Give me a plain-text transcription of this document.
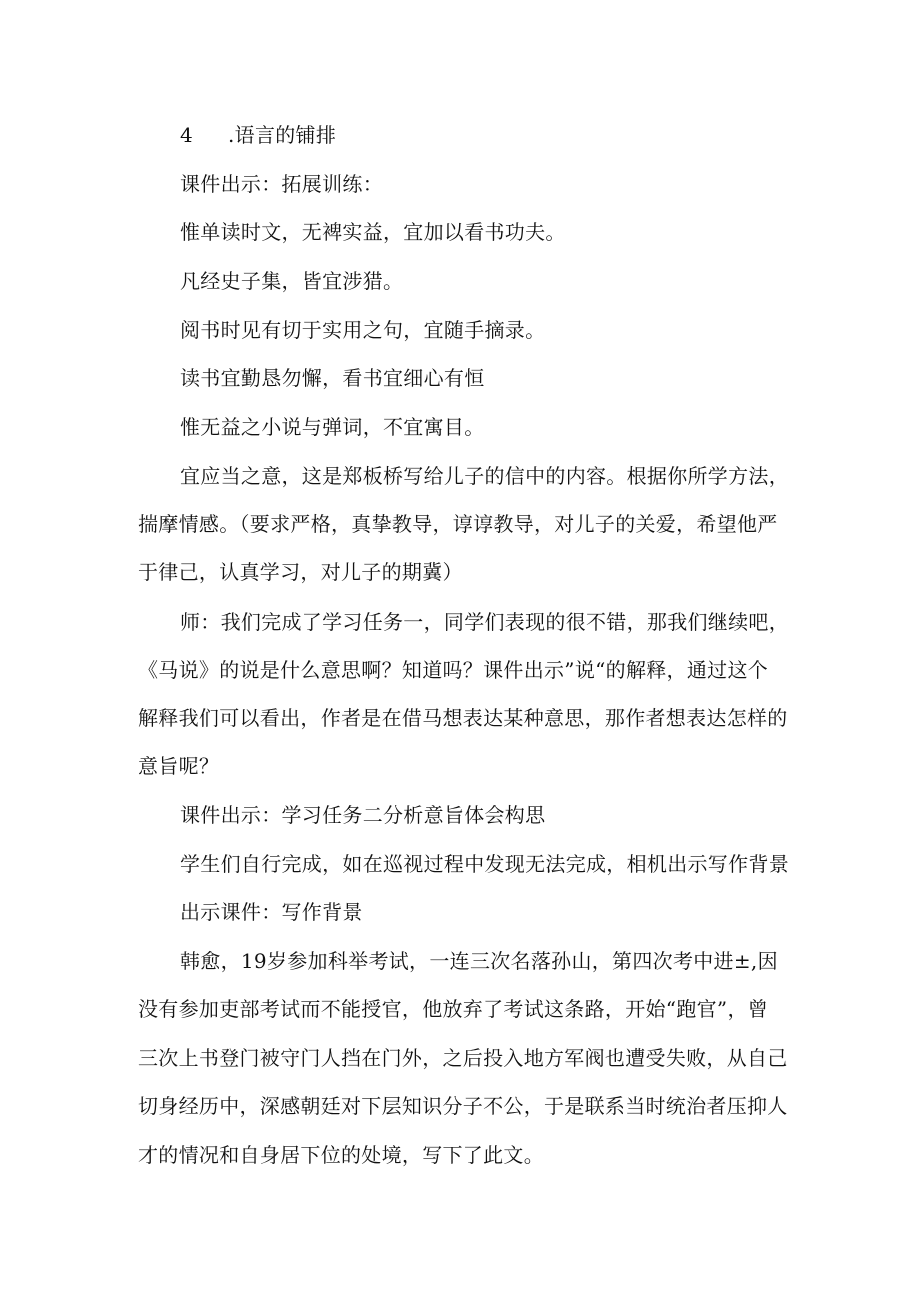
4 .语言的铺排

课件出示：拓展训练：

惟单读时文，无裨实益，宜加以看书功夫。

凡经史子集，皆宜涉猎。

阅书时见有切于实用之句，宜随手摘录。

读书宜勤恳勿懈，看书宜细心有恒

惟无益之小说与弹词，不宜寓目。

宜应当之意，这是郑板桥写给儿子的信中的内容。根据你所学方法，

揣摩情感。（要求严格，真挚教导，谆谆教导，对儿子的关爱，希望他严

于律己，认真学习，对儿子的期冀）

师：我们完成了学习任务一，同学们表现的很不错，那我们继续吧，

《马说》的说是什么意思啊？知道吗？课件出示”说“的解释，通过这个

解释我们可以看出，作者是在借马想表达某种意思，那作者想表达怎样的

意旨呢？

课件出示：学习任务二分析意旨体会构思

学生们自行完成，如在巡视过程中发现无法完成，相机出示写作背景

出示课件：写作背景

韩愈，19岁参加科举考试，一连三次名落孙山，第四次考中进±,因

没有参加吏部考试而不能授官，他放弃了考试这条路，开始“跑官”，曾

三次上书登门被守门人挡在门外，之后投入地方军阀也遭受失败，从自己

切身经历中，深感朝廷对下层知识分子不公，于是联系当时统治者压抑人

才的情况和自身居下位的处境，写下了此文。
